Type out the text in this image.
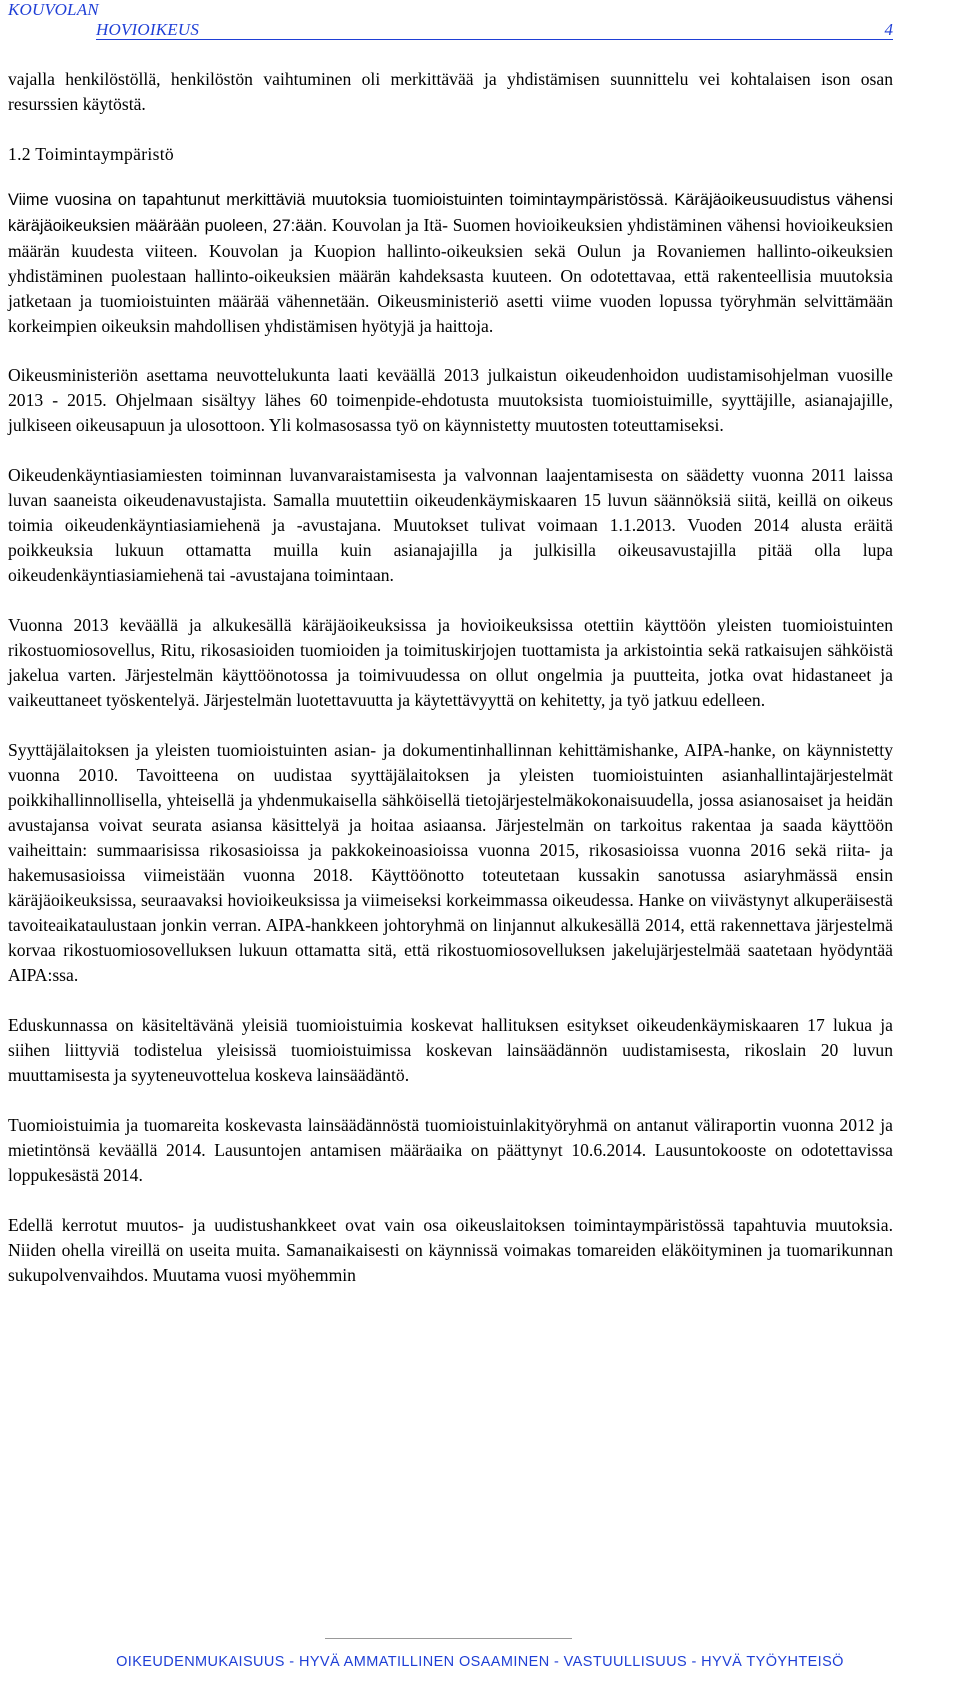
KOUVOLAN
HOVIOIKEUS	4

vajalla henkilöstöllä, henkilöstön vaihtuminen oli merkittävää ja yhdistämisen suunnittelu vei kohtalaisen ison osan resurssien käytöstä.

1.2 Toimintaympäristö

Viime vuosina on tapahtunut merkittäviä muutoksia tuomioistuinten toimintaympäristössä. Käräjäoikeusuudistus vähensi käräjäoikeuksien määrään puoleen, 27:ään. Kouvolan ja Itä- Suomen hovioikeuksien yhdistäminen vähensi hovioikeuksien määrän kuudesta viiteen. Kouvolan ja Kuopion hallinto-oikeuksien sekä Oulun ja Rovaniemen hallinto-oikeuksien yhdistäminen puolestaan hallinto-oikeuksien määrän kahdeksasta kuuteen. On odotettavaa, että rakenteellisia muutoksia jatketaan ja tuomioistuinten määrää vähennetään. Oikeusministeriö asetti viime vuoden lopussa työryhmän selvittämään korkeimpien oikeuksin mahdollisen yhdistämisen hyötyjä ja haittoja.

Oikeusministeriön asettama neuvottelukunta laati keväällä 2013 julkaistun oikeudenhoidon uudistamisohjelman vuosille 2013 - 2015. Ohjelmaan sisältyy lähes 60 toimenpide-ehdotusta muutoksista tuomioistuimille, syyttäjille, asianajajille, julkiseen oikeusapuun ja ulosottoon. Yli kolmasosassa työ on käynnistetty muutosten toteuttamiseksi.

Oikeudenkäyntiasiamiesten toiminnan luvanvaraistamisesta ja valvonnan laajentamisesta on säädetty vuonna 2011 laissa luvan saaneista oikeudenavustajista. Samalla muutettiin oikeudenkäymiskaaren 15 luvun säännöksiä siitä, keillä on oikeus toimia oikeudenkäyntiasiamiehenä ja -avustajana. Muutokset tulivat voimaan 1.1.2013. Vuoden 2014 alusta eräitä poikkeuksia lukuun ottamatta muilla kuin asianajajilla ja julkisilla oikeusavustajilla pitää olla lupa oikeudenkäyntiasiamiehenä tai -avustajana toimintaan.

Vuonna 2013 keväällä ja alkukesällä käräjäoikeuksissa ja hovioikeuksissa otettiin käyttöön yleisten tuomioistuinten rikostuomiosovellus, Ritu, rikosasioiden tuomioiden ja toimituskirjojen tuottamista ja arkistointia sekä ratkaisujen sähköistä jakelua varten. Järjestelmän käyttöönotossa ja toimivuudessa on ollut ongelmia ja puutteita, jotka ovat hidastaneet ja vaikeuttaneet työskentelyä. Järjestelmän luotettavuutta ja käytettävyyttä on kehitetty, ja työ jatkuu edelleen.

Syyttäjälaitoksen ja yleisten tuomioistuinten asian- ja dokumentinhallinnan kehittämishanke, AIPA-hanke, on käynnistetty vuonna 2010. Tavoitteena on uudistaa syyttäjälaitoksen ja yleisten tuomioistuinten asianhallintajärjestelmät poikkihallinnollisella, yhteisellä ja yhdenmukaisella sähköisellä tietojärjestelmäkokonaisuudella, jossa asianosaiset ja heidän avustajansa voivat seurata asiansa käsittelyä ja hoitaa asiaansa. Järjestelmän on tarkoitus rakentaa ja saada käyttöön vaiheittain: summaarisissa rikosasioissa ja pakkokeinoasioissa vuonna 2015, rikosasioissa vuonna 2016 sekä riita- ja hakemusasioissa viimeistään vuonna 2018. Käyttöönotto toteutetaan kussakin sanotussa asiaryhmässä ensin käräjäoikeuksissa, seuraavaksi hovioikeuksissa ja viimeiseksi korkeimmassa oikeudessa. Hanke on viivästynyt alkuperäisestä tavoiteaikataulustaan jonkin verran. AIPA-hankkeen johtoryhmä on linjannut alkukesällä 2014, että rakennettava järjestelmä korvaa rikostuomiosovelluksen lukuun ottamatta sitä, että rikostuomiosovelluksen jakelujärjestelmää saatetaan hyödyntää AIPA:ssa.

Eduskunnassa on käsiteltävänä yleisiä tuomioistuimia koskevat hallituksen esitykset oikeudenkäymiskaaren 17 lukua ja siihen liittyviä todistelua yleisissä tuomioistuimissa koskevan lainsäädännön uudistamisesta, rikoslain 20 luvun muuttamisesta ja syyteneuvottelua koskeva lainsäädäntö.

Tuomioistuimia ja tuomareita koskevasta lainsäädännöstä tuomioistuinlakityöryhmä on antanut väliraportin vuonna 2012 ja mietintönsä keväällä 2014. Lausuntojen antamisen määräaika on päättynyt 10.6.2014. Lausuntokooste on odotettavissa loppukesästä 2014.

Edellä kerrotut muutos- ja uudistushankkeet ovat vain osa oikeuslaitoksen toimintaympäristössä tapahtuvia muutoksia. Niiden ohella vireillä on useita muita. Samanaikaisesti on käynnissä voimakas tomareiden eläköityminen ja tuomarikunnan sukupolvenvaihdos. Muutama vuosi myöhemmin

OIKEUDENMUKAISUUS - HYVÄ AMMATILLINEN OSAAMINEN - VASTUULLISUUS - HYVÄ TYÖYHTEISÖ
